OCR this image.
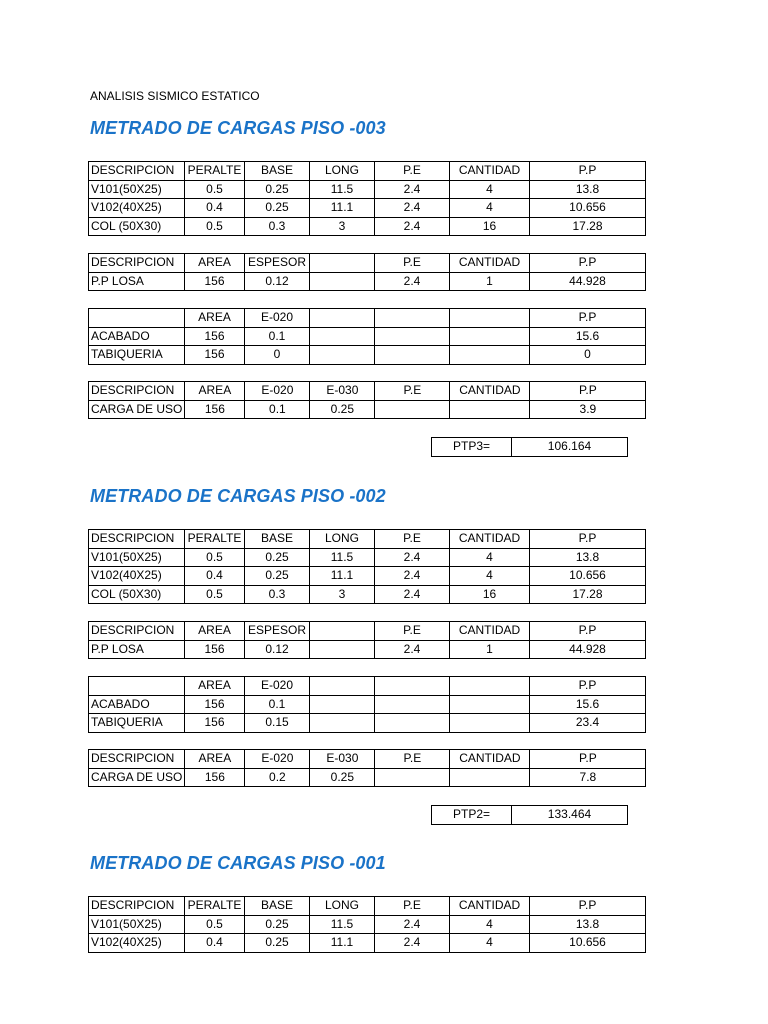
ANALISIS SISMICO ESTATICO
METRADO DE CARGAS PISO -003
DESCRIPCION	PERALTE	BASE	LONG	P.E	CANTIDAD	P.P
V101(50X25)	0.5	0.25	11.5	2.4	4	13.8
V102(40X25)	0.4	0.25	11.1	2.4	4	10.656
COL (50X30)	0.5	0.3	3	2.4	16	17.28
DESCRIPCION	AREA	ESPESOR		P.E	CANTIDAD	P.P
P.P LOSA	156	0.12		2.4	1	44.928
	AREA	E-020				P.P
ACABADO	156	0.1				15.6
TABIQUERIA	156	0				0
DESCRIPCION	AREA	E-020	E-030	P.E	CANTIDAD	P.P
CARGA DE USO	156	0.1	0.25			3.9
PTP3=	106.164
METRADO DE CARGAS PISO -002
DESCRIPCION	PERALTE	BASE	LONG	P.E	CANTIDAD	P.P
V101(50X25)	0.5	0.25	11.5	2.4	4	13.8
V102(40X25)	0.4	0.25	11.1	2.4	4	10.656
COL (50X30)	0.5	0.3	3	2.4	16	17.28
DESCRIPCION	AREA	ESPESOR		P.E	CANTIDAD	P.P
P.P LOSA	156	0.12		2.4	1	44.928
	AREA	E-020				P.P
ACABADO	156	0.1				15.6
TABIQUERIA	156	0.15				23.4
DESCRIPCION	AREA	E-020	E-030	P.E	CANTIDAD	P.P
CARGA DE USO	156	0.2	0.25			7.8
PTP2=	133.464
METRADO DE CARGAS PISO -001
DESCRIPCION	PERALTE	BASE	LONG	P.E	CANTIDAD	P.P
V101(50X25)	0.5	0.25	11.5	2.4	4	13.8
V102(40X25)	0.4	0.25	11.1	2.4	4	10.656
